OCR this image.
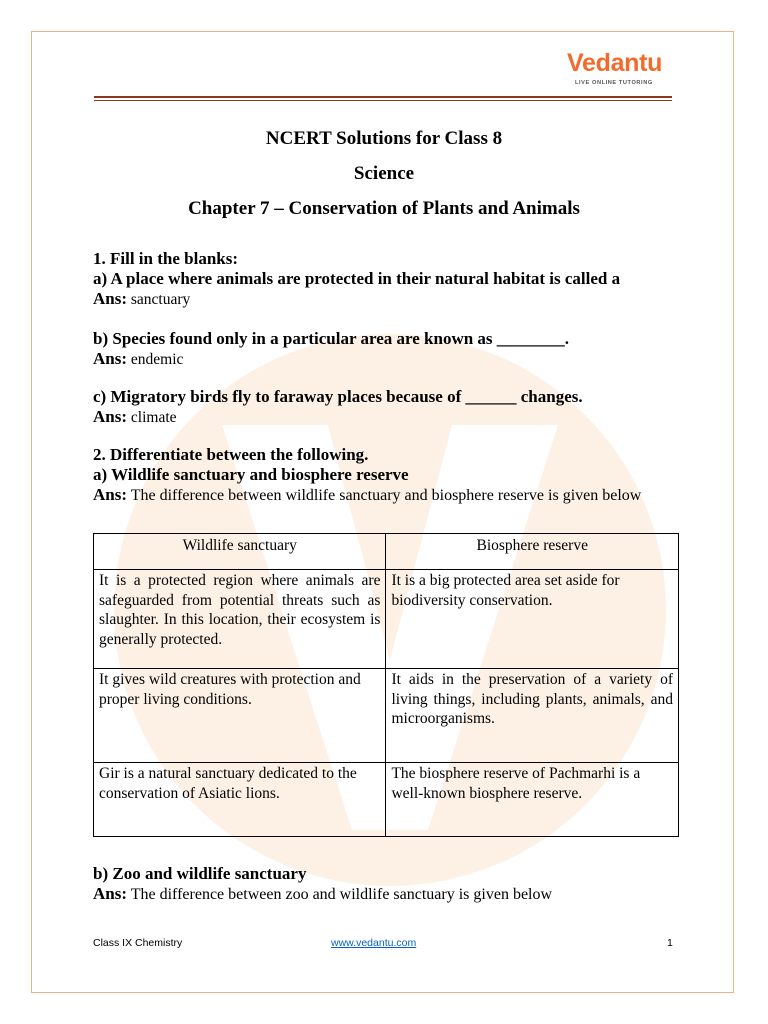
Vedantu
LIVE ONLINE TUTORING
NCERT Solutions for Class 8
Science
Chapter 7 – Conservation of Plants and Animals
1. Fill in the blanks:
a) A place where animals are protected in their natural habitat is called a
Ans: sanctuary
b) Species found only in a particular area are known as ________.
Ans: endemic
c) Migratory birds fly to faraway places because of ______ changes.
Ans: climate
2. Differentiate between the following.
a) Wildlife sanctuary and biosphere reserve
Ans: The difference between wildlife sanctuary and biosphere reserve is given below
Wildlife sanctuary	Biosphere reserve
It is a protected region where animals are safeguarded from potential threats such as slaughter. In this location, their ecosystem is generally protected.	It is a big protected area set aside for biodiversity conservation.
It gives wild creatures with protection and proper living conditions.	It aids in the preservation of a variety of living things, including plants, animals, and microorganisms.
Gir is a natural sanctuary dedicated to the conservation of Asiatic lions.	The biosphere reserve of Pachmarhi is a well-known biosphere reserve.
b) Zoo and wildlife sanctuary
Ans: The difference between zoo and wildlife sanctuary is given below
Class IX Chemistry	www.vedantu.com	1
